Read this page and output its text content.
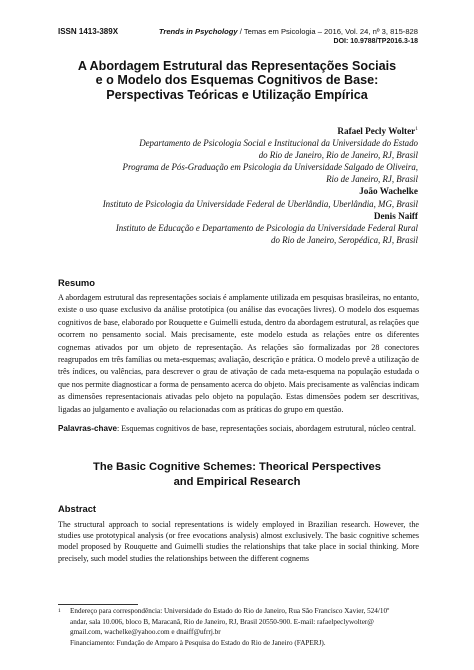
ISSN 1413-389X	Trends in Psychology / Temas em Psicologia – 2016, Vol. 24, nº 3, 815-828
DOI: 10.9788/TP2016.3-18
A Abordagem Estrutural das Representações Sociais
e o Modelo dos Esquemas Cognitivos de Base:
Perspectivas Teóricas e Utilização Empírica
Rafael Pecly Wolter$^1$
Departamento de Psicologia Social e Institucional da Universidade do Estado
do Rio de Janeiro, Rio de Janeiro, RJ, Brasil
Programa de Pós-Graduação em Psicologia da Universidade Salgado de Oliveira,
Rio de Janeiro, RJ, Brasil
João Wachelke
Instituto de Psicologia da Universidade Federal de Uberlândia, Uberlândia, MG, Brasil
Denis Naiff
Instituto de Educação e Departamento de Psicologia da Universidade Federal Rural
do Rio de Janeiro, Seropédica, RJ, Brasil
Resumo
A abordagem estrutural das representações sociais é amplamente utilizada em pesquisas brasileiras, no entanto, existe o uso quase exclusivo da análise prototípica (ou análise das evocações livres). O modelo dos esquemas cognitivos de base, elaborado por Rouquette e Guimelli estuda, dentro da abordagem estrutural, as relações que ocorrem no pensamento social. Mais precisamente, este modelo estuda as relações entre os diferentes cognemas ativados por um objeto de representação. As relações são formalizadas por 28 conectores reagrupados em três famílias ou meta-esquemas; avaliação, descrição e prática. O modelo prevê a utilização de três índices, ou valências, para descrever o grau de ativação de cada meta-esquema na população estudada o que nos permite diagnosticar a forma de pensamento acerca do objeto. Mais precisamente as valências indicam as dimensões representacionais ativadas pelo objeto na população. Estas dimensões podem ser descritivas, ligadas ao julgamento e avaliação ou relacionadas com as práticas do grupo em questão.
Palavras-chave: Esquemas cognitivos de base, representações sociais, abordagem estrutural, núcleo central.
The Basic Cognitive Schemes: Theorical Perspectives
and Empirical Research
Abstract
The structural approach to social representations is widely employed in Brazilian research. However, the studies use prototypical analysis (or free evocations analysis) almost exclusively. The basic cognitive schemes model proposed by Rouquette and Guimelli studies the relationships that take place in social thinking. More precisely, such model studies the relationships between the different cognems
1	Endereço para correspondência: Universidade do Estado do Rio de Janeiro, Rua São Francisco Xavier, 524/10º
andar, sala 10.006, bloco B, Maracanã, Rio de Janeiro, RJ, Brasil 20550-900. E-mail: rafaelpeclywolter@
gmail.com, wachelke@yahoo.com e dnaiff@ufrrj.br
Financiamento: Fundação de Amparo à Pesquisa do Estado do Rio de Janeiro (FAPERJ).
